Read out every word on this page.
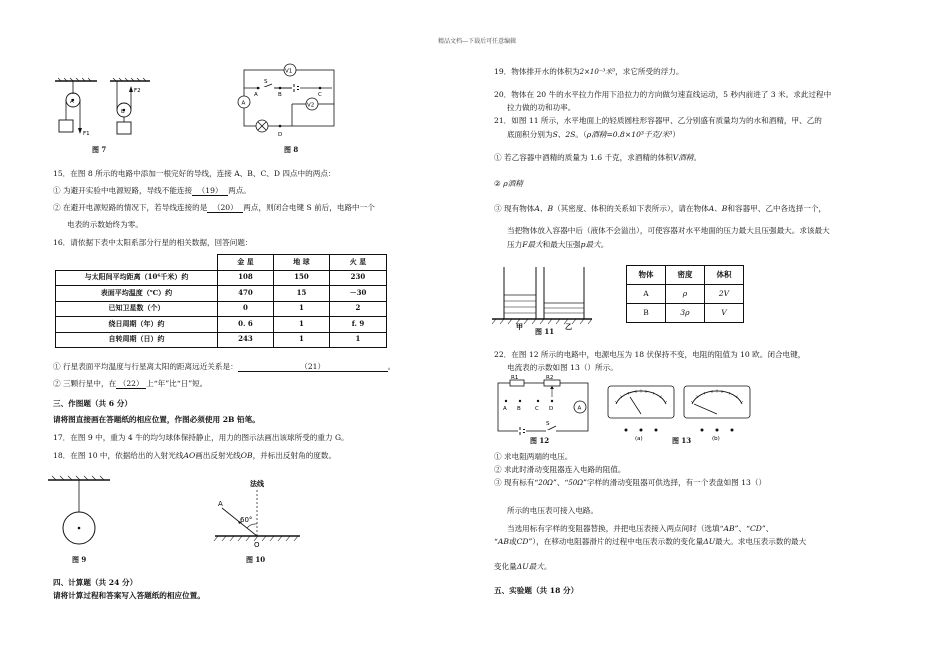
精品文档---下载后可任意编辑
A
F1
F2
B
图 7
V1
S
A	B	C
A	V2
D
图 8
15．在图 8 所示的电路中添加一根完好的导线，连接 A、B、C、D 四点中的两点：
① 为避开实验中电源短路，导线不能连接 （19） 两点。
② 在避开电源短路的情况下，若导线连接的是 （20） 两点，则闭合电键 S 前后，电路中一个
电表的示数始终为零。
16．请依据下表中太阳系部分行星的相关数据，回答问题：
	金 星	地 球	火 星
与太阳间平均距离（10⁶千米）约	108	150	230
表面平均温度（℃）约	470	15	－30
已知卫星数（个）	0	1	2
绕日周期（年）约	0. 6	1	f. 9
自转周期（日）约	243	1	1
① 行星表面平均温度与行星离太阳的距离远近关系是：	（21）	。
② 三颗行星中，在 （22） 上“年”比“日”短。
三、作图题（共 6 分）
请将图直接画在答题纸的相应位置，作图必须使用 2B 铅笔。
17．在图 9 中，重为 4 牛的均匀球体保持静止，用力的图示法画出该球所受的重力 G。
18．在图 10 中，依据给出的入射光线AO画出反射光线OB，并标出反射角的度数。
图 9
法线
A
60°
O
图 10
四、计算题（共 24 分）
请将计算过程和答案写入答题纸的相应位置。
19．物体排开水的体积为2×10⁻³米³，求它所受的浮力。
20．物体在 20 牛的水平拉力作用下沿拉力的方向做匀速直线运动，5 秒内前进了 3 米。求此过程中
拉力做的功和功率。
21．如图 11 所示，水平地面上的轻质圆柱形容器甲、乙分别盛有质量均为的水和酒精，甲、乙的
底面积分别为S、2S。（ρ酒精=0.8×10³千克/米³）
① 若乙容器中酒精的质量为 1.6 千克，求酒精的体积V酒精。
② ρ酒精
③ 现有物体A、B（其密度、体积的关系如下表所示），请在物体A、B和容器甲、乙中各选择一个，
当把物体放入容器中后（液体不会溢出），可使容器对水平地面的压力最大且压强最大。求该最大
压力F最大和最大压强p最大。
甲	乙
图 11
物体	密度	体积
A	ρ	2V
B	3ρ	V
22．在图 12 所示的电路中，电源电压为 18 伏保持不变，电阻的阻值为 10 欧。闭合电键，
电流表的示数如图 13（）所示。
R1	R2
A
A B	C D
S
图 12	(a)	(b)
图 13
① 求电阻两端的电压。
② 求此时滑动变阻器连入电路的阻值。
③ 现有标有“20Ω”、“50Ω”字样的滑动变阻器可供选择，有一个表盘如图 13（）
所示的电压表可接入电路。
当选用标有字样的变阻器替换，并把电压表接入两点间时（选填“AB”、“CD”、
“AB或CD”），在移动电阻器滑片的过程中电压表示数的变化量ΔU最大。求电压表示数的最大
变化量ΔU最大。
五、实验题（共 18 分）
